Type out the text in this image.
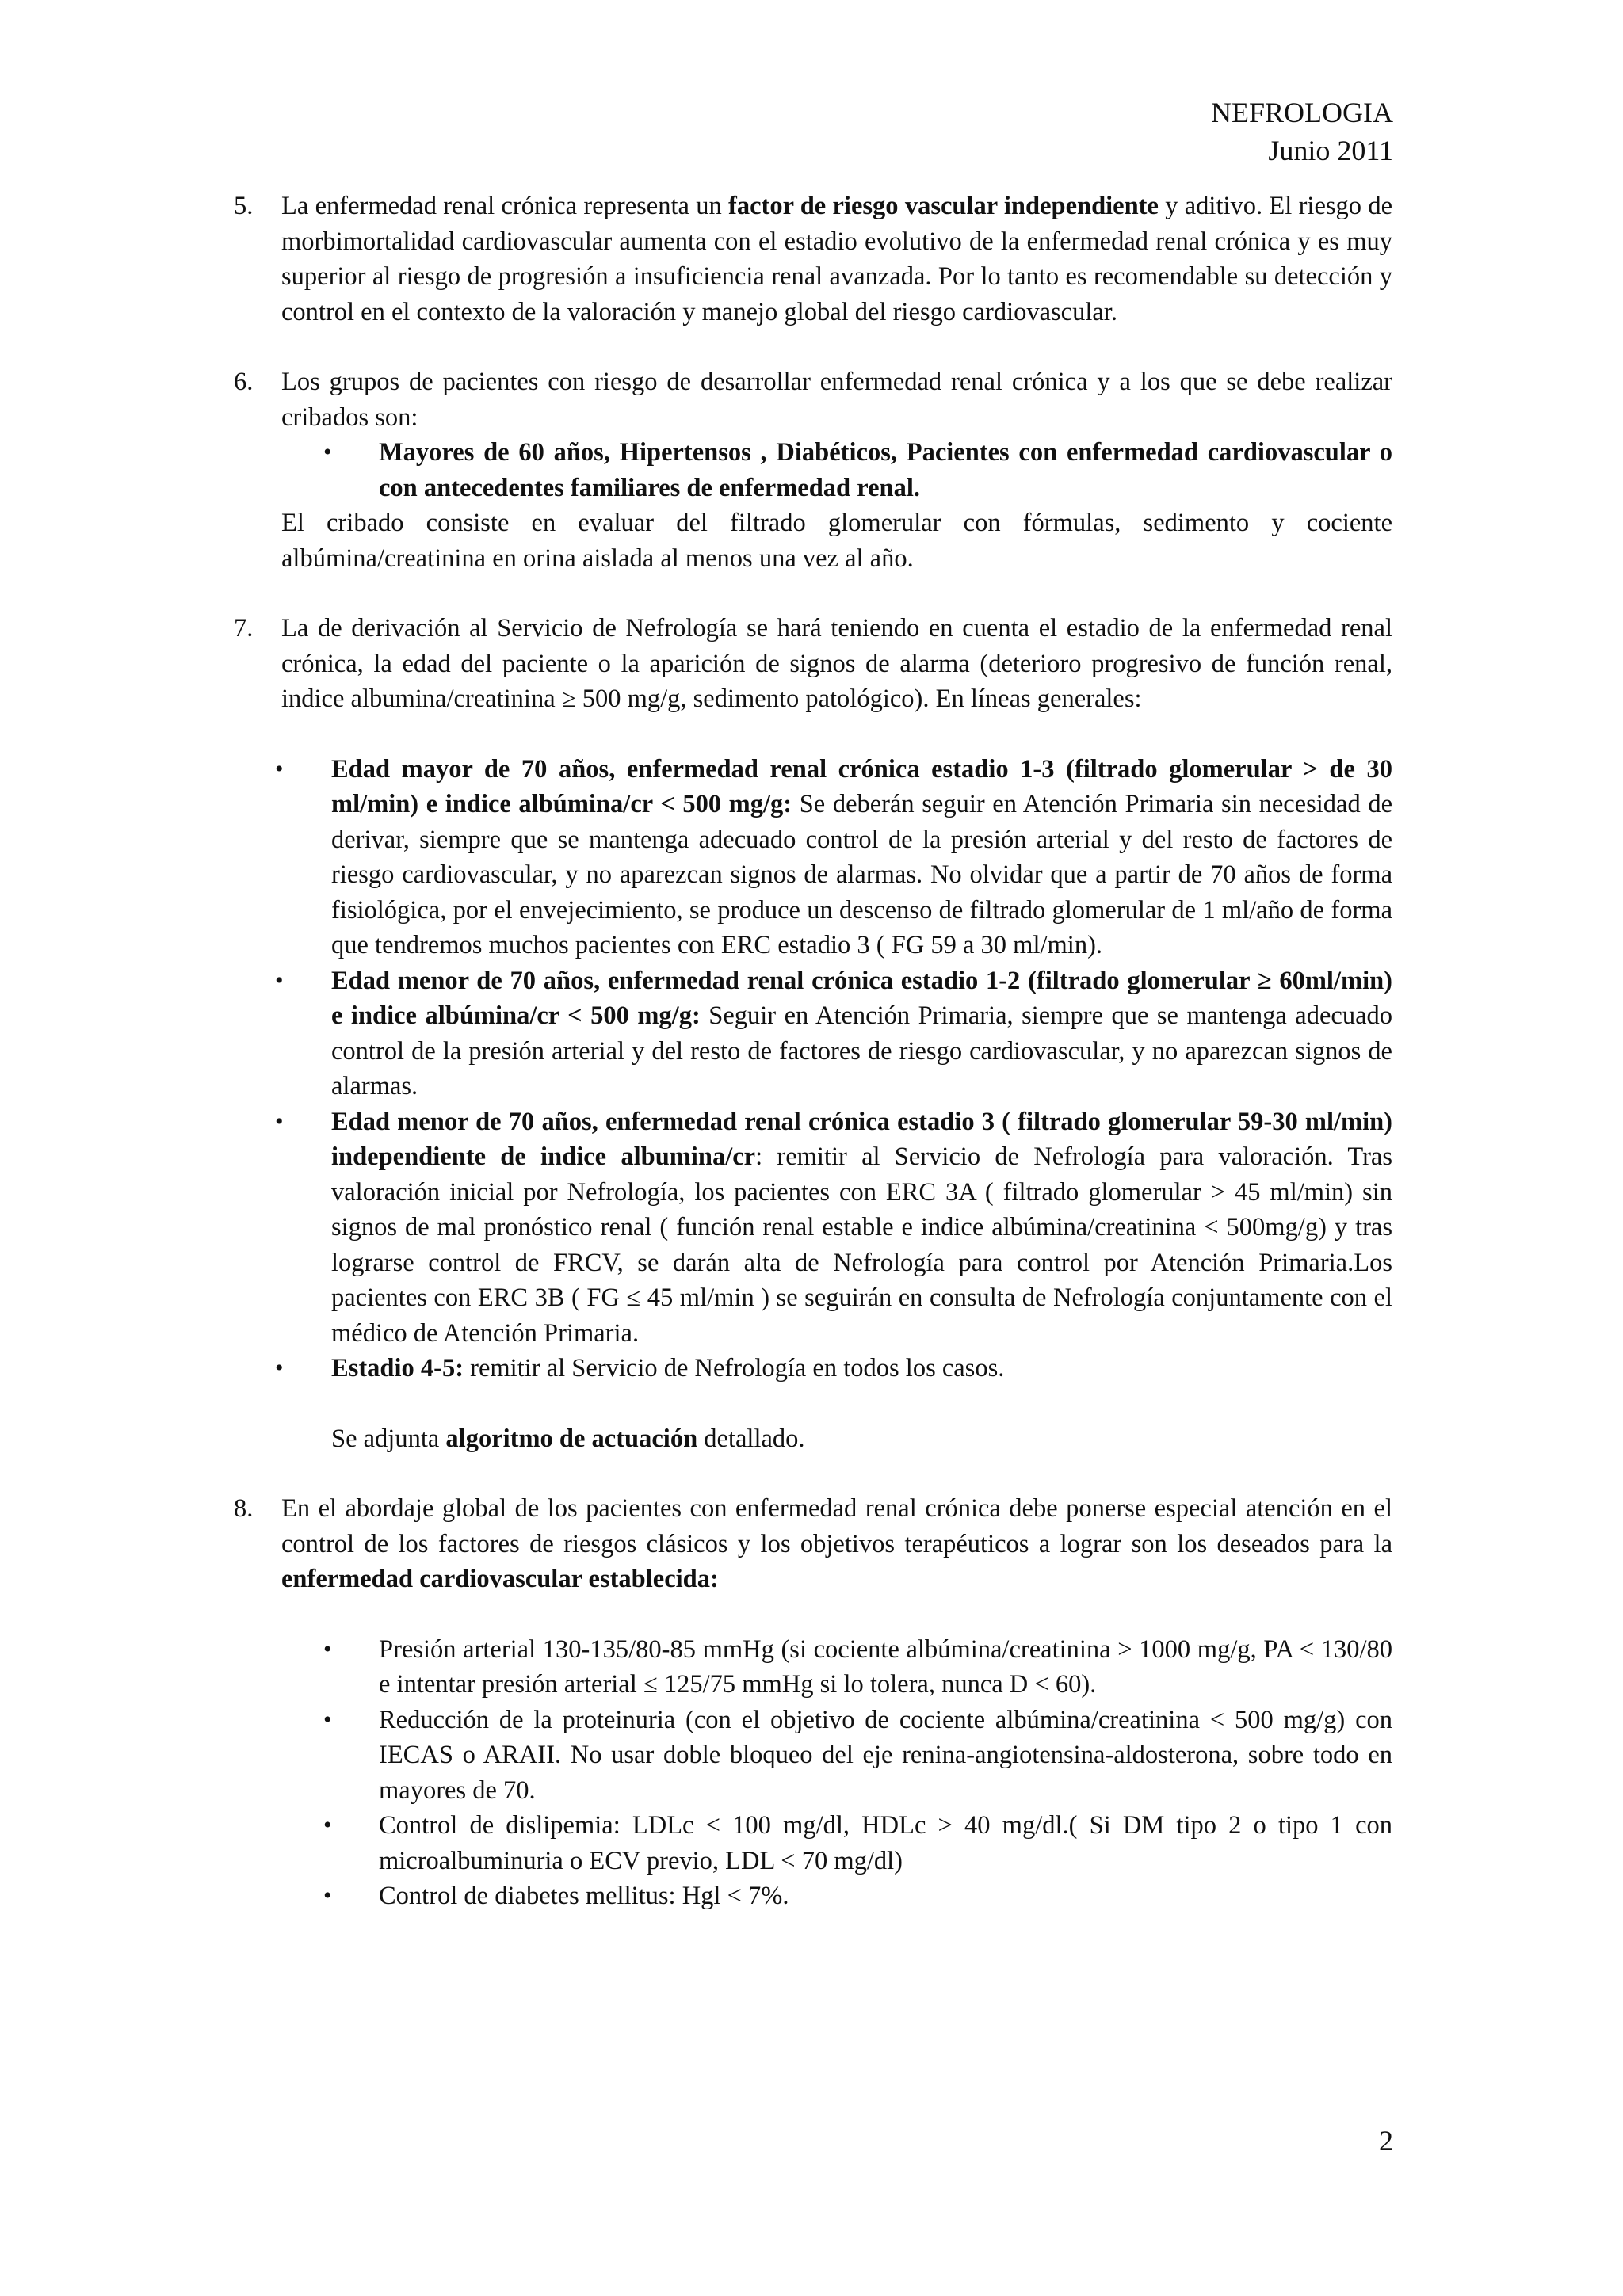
NEFROLOGIA
Junio 2011
5.	La enfermedad renal crónica representa un factor de riesgo vascular independiente y aditivo. El riesgo de morbimortalidad cardiovascular aumenta con el estadio evolutivo de la enfermedad renal crónica y es muy superior al riesgo de progresión a insuficiencia renal avanzada. Por lo tanto es recomendable su detección y control en el contexto de la valoración y manejo global del riesgo cardiovascular.

6.	Los grupos de pacientes con riesgo de desarrollar enfermedad renal crónica y a los que se debe realizar cribados son:

• Mayores de 60 años, Hipertensos , Diabéticos, Pacientes con enfermedad cardiovascular o con antecedentes familiares de enfermedad renal.

El cribado consiste en evaluar del filtrado glomerular con fórmulas, sedimento y cociente albúmina/creatinina en orina aislada al menos una vez al año.

7.	La de derivación al Servicio de Nefrología se hará teniendo en cuenta el estadio de la enfermedad renal crónica, la edad del paciente o la aparición de signos de alarma (deterioro progresivo de función renal, indice albumina/creatinina ≥ 500 mg/g, sedimento patológico). En líneas generales:

• Edad mayor de 70 años, enfermedad renal crónica estadio 1-3 (filtrado glomerular > de 30 ml/min) e indice albúmina/cr < 500 mg/g: Se deberán seguir en Atención Primaria sin necesidad de derivar, siempre que se mantenga adecuado control de la presión arterial y del resto de factores de riesgo cardiovascular, y no aparezcan signos de alarmas. No olvidar que a partir de 70 años de forma fisiológica, por el envejecimiento, se produce un descenso de filtrado glomerular de 1 ml/año de forma que tendremos muchos pacientes con ERC estadio 3 ( FG 59 a 30 ml/min).
• Edad menor de 70 años, enfermedad renal crónica estadio 1-2 (filtrado glomerular ≥ 60ml/min) e indice albúmina/cr < 500 mg/g: Seguir en Atención Primaria, siempre que se mantenga adecuado control de la presión arterial y del resto de factores de riesgo cardiovascular, y no aparezcan signos de alarmas.
• Edad menor de 70 años, enfermedad renal crónica estadio 3 ( filtrado glomerular 59-30 ml/min) independiente de indice albumina/cr: remitir al Servicio de Nefrología para valoración. Tras valoración inicial por Nefrología, los pacientes con ERC 3A ( filtrado glomerular > 45 ml/min) sin signos de mal pronóstico renal ( función renal estable e indice albúmina/creatinina < 500mg/g) y tras lograrse control de FRCV, se darán alta de Nefrología para control por Atención Primaria.Los pacientes con ERC 3B ( FG ≤ 45 ml/min ) se seguirán en consulta de Nefrología conjuntamente con el médico de Atención Primaria.
• Estadio 4-5: remitir al Servicio de Nefrología en todos los casos.

Se adjunta algoritmo de actuación detallado.

8.	En el abordaje global de los pacientes con enfermedad renal crónica debe ponerse especial atención en el control de los factores de riesgos clásicos y los objetivos terapéuticos a lograr son los deseados para la enfermedad cardiovascular establecida:

• Presión arterial 130-135/80-85 mmHg (si cociente albúmina/creatinina > 1000 mg/g, PA < 130/80 e intentar presión arterial ≤ 125/75 mmHg si lo tolera, nunca D < 60).
• Reducción de la proteinuria (con el objetivo de cociente albúmina/creatinina < 500 mg/g) con IECAS o ARAII. No usar doble bloqueo del eje renina-angiotensina-aldosterona, sobre todo en mayores de 70.
• Control de dislipemia: LDLc < 100 mg/dl, HDLc > 40 mg/dl.( Si DM tipo 2 o tipo 1 con microalbuminuria o ECV previo, LDL < 70 mg/dl)
• Control de diabetes mellitus: Hgl < 7%.
2
